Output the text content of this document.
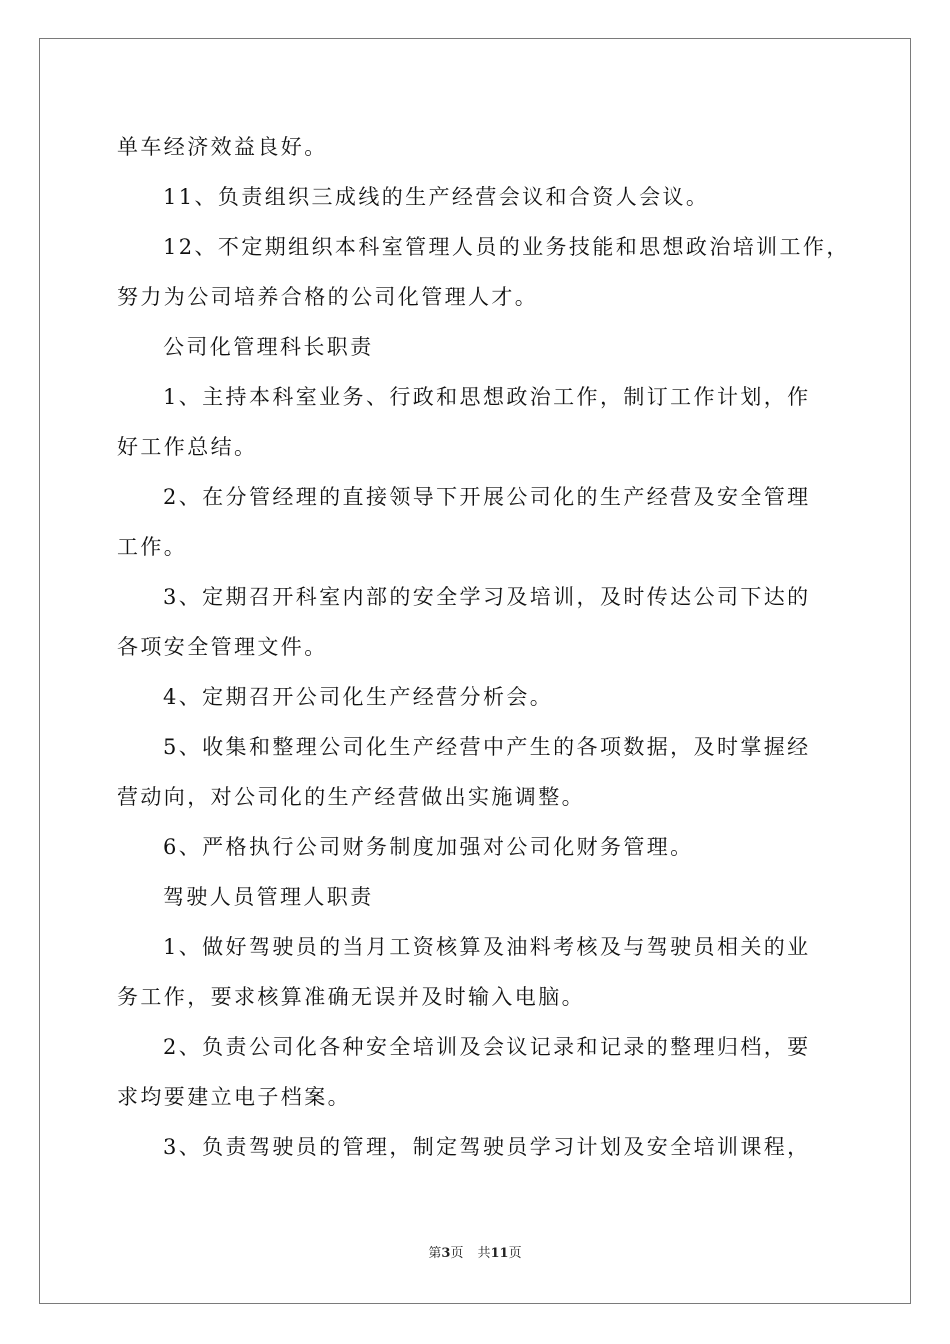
单车经济效益良好。
11、负责组织三成线的生产经营会议和合资人会议。
12、不定期组织本科室管理人员的业务技能和思想政治培训工作，
努力为公司培养合格的公司化管理人才。
公司化管理科长职责
1、主持本科室业务、行政和思想政治工作，制订工作计划，作
好工作总结。
2、在分管经理的直接领导下开展公司化的生产经营及安全管理
工作。
3、定期召开科室内部的安全学习及培训，及时传达公司下达的
各项安全管理文件。
4、定期召开公司化生产经营分析会。
5、收集和整理公司化生产经营中产生的各项数据，及时掌握经
营动向，对公司化的生产经营做出实施调整。
6、严格执行公司财务制度加强对公司化财务管理。
驾驶人员管理人职责
1、做好驾驶员的当月工资核算及油料考核及与驾驶员相关的业
务工作，要求核算准确无误并及时输入电脑。
2、负责公司化各种安全培训及会议记录和记录的整理归档，要
求均要建立电子档案。
3、负责驾驶员的管理，制定驾驶员学习计划及安全培训课程，
第3页 共11页
